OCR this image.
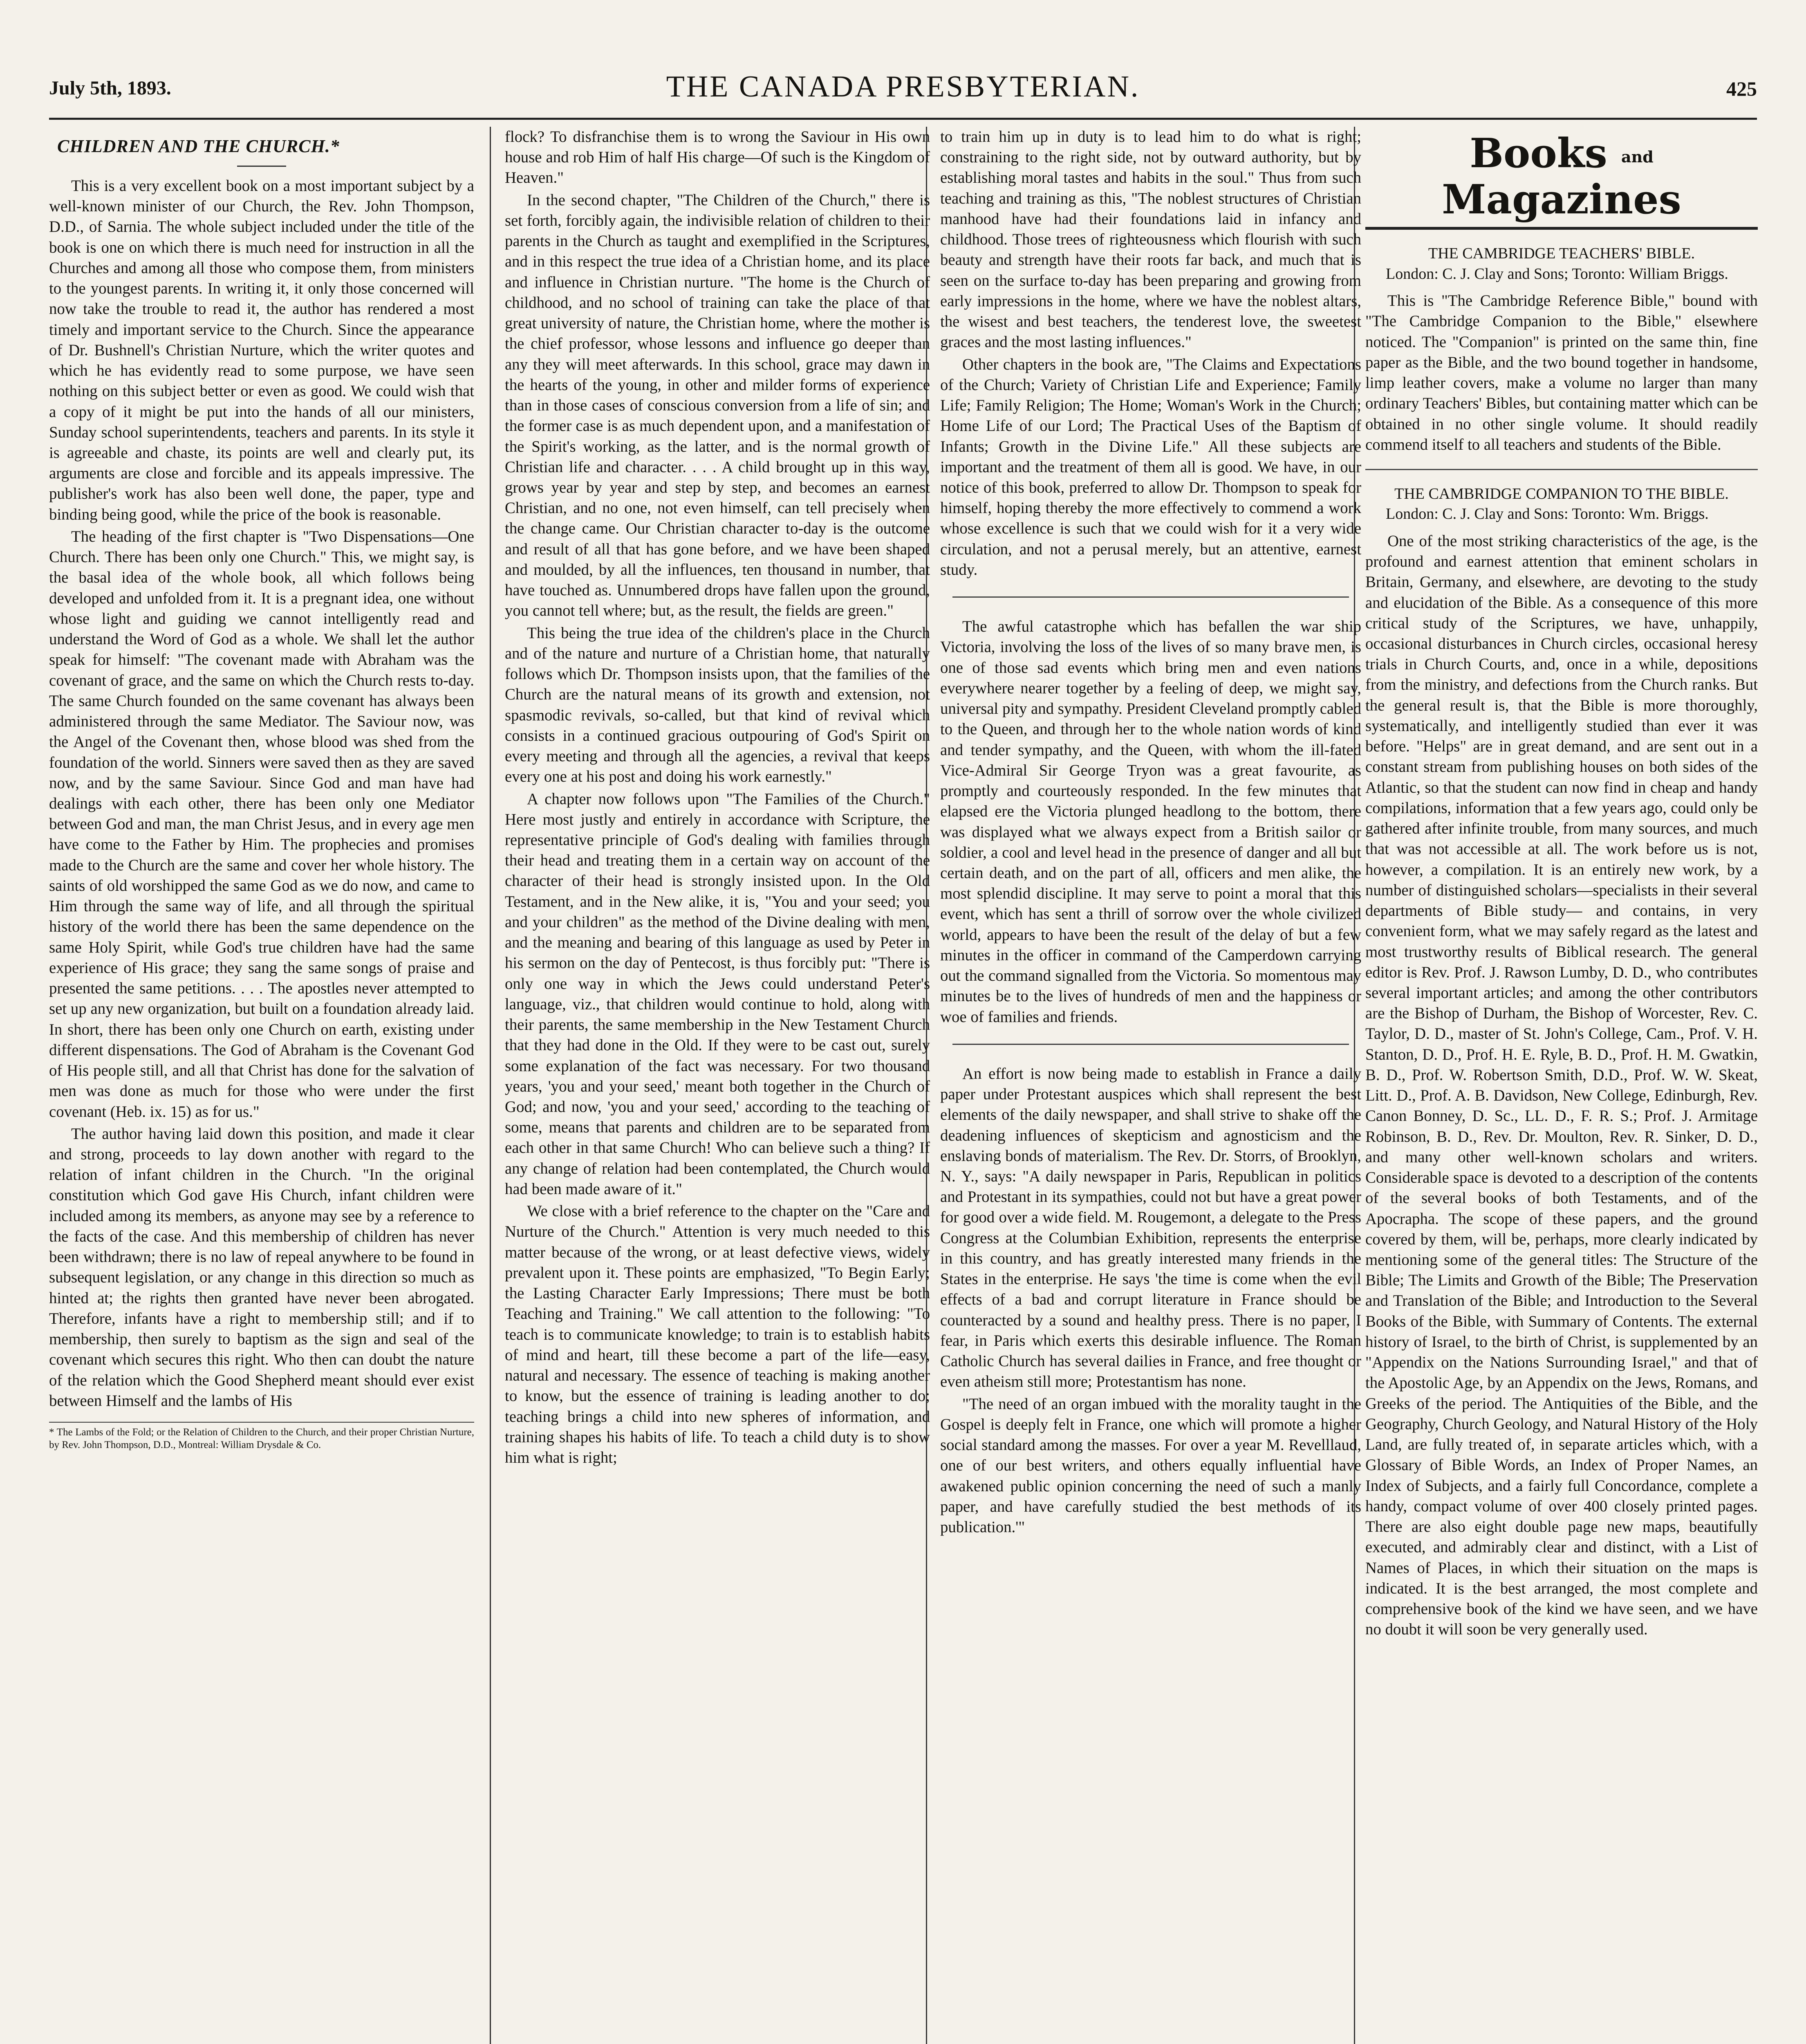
July 5th, 1893.	THE CANADA PRESBYTERIAN.	425
CHILDREN AND THE CHURCH.*

This is a very excellent book on a most important subject by a well-known minister of our Church, the Rev. John Thompson, D.D., of Sarnia. The whole subject included under the title of the book is one on which there is much need for instruction in all the Churches and among all those who compose them, from ministers to the youngest parents. In writing it, it only those concerned will now take the trouble to read it, the author has rendered a most timely and important service to the Church. Since the appearance of Dr. Bushnell's Christian Nurture, which the writer quotes and which he has evidently read to some purpose, we have seen nothing on this subject better or even as good. We could wish that a copy of it might be put into the hands of all our ministers, Sunday school superintendents, teachers and parents. In its style it is agreeable and chaste, its points are well and clearly put, its arguments are close and forcible and its appeals impressive. The publisher's work has also been well done, the paper, type and binding being good, while the price of the book is reasonable.

The heading of the first chapter is "Two Dispensations—One Church. There has been only one Church." This, we might say, is the basal idea of the whole book, all which follows being developed and unfolded from it. It is a pregnant idea, one without whose light and guiding we cannot intelligently read and understand the Word of God as a whole. We shall let the author speak for himself: "The covenant made with Abraham was the covenant of grace, and the same on which the Church rests to-day. The same Church founded on the same covenant has always been administered through the same Mediator. The Saviour now, was the Angel of the Covenant then, whose blood was shed from the foundation of the world. Sinners were saved then as they are saved now, and by the same Saviour. Since God and man have had dealings with each other, there has been only one Mediator between God and man, the man Christ Jesus, and in every age men have come to the Father by Him. The prophecies and promises made to the Church are the same and cover her whole history. The saints of old worshipped the same God as we do now, and came to Him through the same way of life, and all through the spiritual history of the world there has been the same dependence on the same Holy Spirit, while God's true children have had the same experience of His grace; they sang the same songs of praise and presented the same petitions. . . . The apostles never attempted to set up any new organization, but built on a foundation already laid. In short, there has been only one Church on earth, existing under different dispensations. The God of Abraham is the Covenant God of His people still, and all that Christ has done for the salvation of men was done as much for those who were under the first covenant (Heb. ix. 15) as for us."

The author having laid down this position, and made it clear and strong, proceeds to lay down another with regard to the relation of infant children in the Church. "In the original constitution which God gave His Church, infant children were included among its members, as anyone may see by a reference to the facts of the case. And this membership of children has never been withdrawn; there is no law of repeal anywhere to be found in subsequent legislation, or any change in this direction so much as hinted at; the rights then granted have never been abrogated. Therefore, infants have a right to membership still; and if to membership, then surely to baptism as the sign and seal of the covenant which secures this right. Who then can doubt the nature of the relation which the Good Shepherd meant should ever exist between Himself and the lambs of His

* The Lambs of the Fold; or the Relation of Children to the Church, and their proper Christian Nurture, by Rev. John Thompson, D.D., Montreal: William Drysdale & Co.

flock? To disfranchise them is to wrong the Saviour in His own house and rob Him of half His charge—Of such is the Kingdom of Heaven."

In the second chapter, "The Children of the Church," there is set forth, forcibly again, the indivisible relation of children to their parents in the Church as taught and exemplified in the Scriptures, and in this respect the true idea of a Christian home, and its place and influence in Christian nurture. "The home is the Church of childhood, and no school of training can take the place of that great university of nature, the Christian home, where the mother is the chief professor, whose lessons and influence go deeper than any they will meet afterwards. In this school, grace may dawn in the hearts of the young, in other and milder forms of experience than in those cases of conscious conversion from a life of sin; and the former case is as much dependent upon, and a manifestation of the Spirit's working, as the latter, and is the normal growth of Christian life and character. . . . A child brought up in this way, grows year by year and step by step, and becomes an earnest Christian, and no one, not even himself, can tell precisely when the change came. Our Christian character to-day is the outcome and result of all that has gone before, and we have been shaped and moulded, by all the influences, ten thousand in number, that have touched as. Unnumbered drops have fallen upon the ground, you cannot tell where; but, as the result, the fields are green."

This being the true idea of the children's place in the Church and of the nature and nurture of a Christian home, that naturally follows which Dr. Thompson insists upon, that the families of the Church are the natural means of its growth and extension, not spasmodic revivals, so-called, but that kind of revival which consists in a continued gracious outpouring of God's Spirit on every meeting and through all the agencies, a revival that keeps every one at his post and doing his work earnestly."

A chapter now follows upon "The Families of the Church." Here most justly and entirely in accordance with Scripture, the representative principle of God's dealing with families through their head and treating them in a certain way on account of the character of their head is strongly insisted upon. In the Old Testament, and in the New alike, it is, "You and your seed; you and your children" as the method of the Divine dealing with men, and the meaning and bearing of this language as used by Peter in his sermon on the day of Pentecost, is thus forcibly put: "There is only one way in which the Jews could understand Peter's language, viz., that children would continue to hold, along with their parents, the same membership in the New Testament Church that they had done in the Old. If they were to be cast out, surely some explanation of the fact was necessary. For two thousand years, 'you and your seed,' meant both together in the Church of God; and now, 'you and your seed,' according to the teaching of some, means that parents and children are to be separated from each other in that same Church! Who can believe such a thing? If any change of relation had been contemplated, the Church would had been made aware of it."

We close with a brief reference to the chapter on the "Care and Nurture of the Church." Attention is very much needed to this matter because of the wrong, or at least defective views, widely prevalent upon it. These points are emphasized, "To Begin Early; the Lasting Character Early Impressions; There must be both Teaching and Training." We call attention to the following: "To teach is to communicate knowledge; to train is to establish habits of mind and heart, till these become a part of the life—easy, natural and necessary. The essence of teaching is making another to know, but the essence of training is leading another to do; teaching brings a child into new spheres of information, and training shapes his habits of life. To teach a child duty is to show him what is right;

to train him up in duty is to lead him to do what is right; constraining to the right side, not by outward authority, but by establishing moral tastes and habits in the soul." Thus from such teaching and training as this, "The noblest structures of Christian manhood have had their foundations laid in infancy and childhood. Those trees of righteousness which flourish with such beauty and strength have their roots far back, and much that is seen on the surface to-day has been preparing and growing from early impressions in the home, where we have the noblest altars, the wisest and best teachers, the tenderest love, the sweetest graces and the most lasting influences."

Other chapters in the book are, "The Claims and Expectations of the Church; Variety of Christian Life and Experience; Family Life; Family Religion; The Home; Woman's Work in the Church; Home Life of our Lord; The Practical Uses of the Baptism of Infants; Growth in the Divine Life." All these subjects are important and the treatment of them all is good. We have, in our notice of this book, preferred to allow Dr. Thompson to speak for himself, hoping thereby the more effectively to commend a work whose excellence is such that we could wish for it a very wide circulation, and not a perusal merely, but an attentive, earnest study.

The awful catastrophe which has befallen the war ship Victoria, involving the loss of the lives of so many brave men, is one of those sad events which bring men and even nations everywhere nearer together by a feeling of deep, we might say, universal pity and sympathy. President Cleveland promptly cabled to the Queen, and through her to the whole nation words of kind and tender sympathy, and the Queen, with whom the ill-fated Vice-Admiral Sir George Tryon was a great favourite, as promptly and courteously responded. In the few minutes that elapsed ere the Victoria plunged headlong to the bottom, there was displayed what we always expect from a British sailor or soldier, a cool and level head in the presence of danger and all but certain death, and on the part of all, officers and men alike, the most splendid discipline. It may serve to point a moral that this event, which has sent a thrill of sorrow over the whole civilized world, appears to have been the result of the delay of but a few minutes in the officer in command of the Camperdown carrying out the command signalled from the Victoria. So momentous may minutes be to the lives of hundreds of men and the happiness or woe of families and friends.

An effort is now being made to establish in France a daily paper under Protestant auspices which shall represent the best elements of the daily newspaper, and shall strive to shake off the deadening influences of skepticism and agnosticism and the enslaving bonds of materialism. The Rev. Dr. Storrs, of Brooklyn, N. Y., says: "A daily newspaper in Paris, Republican in politics and Protestant in its sympathies, could not but have a great power for good over a wide field. M. Rougemont, a delegate to the Press Congress at the Columbian Exhibition, represents the enterprise in this country, and has greatly interested many friends in the States in the enterprise. He says 'the time is come when the evil effects of a bad and corrupt literature in France should be counteracted by a sound and healthy press. There is no paper, I fear, in Paris which exerts this desirable influence. The Roman Catholic Church has several dailies in France, and free thought or even atheism still more; Protestantism has none.

"The need of an organ imbued with the morality taught in the Gospel is deeply felt in France, one which will promote a higher social standard among the masses. For over a year M. Revelllaud, one of our best writers, and others equally influential have awakened public opinion concerning the need of such a manly paper, and have carefully studied the best methods of its publication.'"

Books and Magazines
THE CAMBRIDGE TEACHERS' BIBLE.
London: C. J. Clay and Sons; Toronto: William Briggs.

This is "The Cambridge Reference Bible," bound with "The Cambridge Companion to the Bible," elsewhere noticed. The "Companion" is printed on the same thin, fine paper as the Bible, and the two bound together in handsome, limp leather covers, make a volume no larger than many ordinary Teachers' Bibles, but containing matter which can be obtained in no other single volume. It should readily commend itself to all teachers and students of the Bible.

THE CAMBRIDGE COMPANION TO THE BIBLE.
London: C. J. Clay and Sons: Toronto: Wm. Briggs.

One of the most striking characteristics of the age, is the profound and earnest attention that eminent scholars in Britain, Germany, and elsewhere, are devoting to the study and elucidation of the Bible. As a consequence of this more critical study of the Scriptures, we have, unhappily, occasional disturbances in Church circles, occasional heresy trials in Church Courts, and, once in a while, depositions from the ministry, and defections from the Church ranks. But the general result is, that the Bible is more thoroughly, systematically, and intelligently studied than ever it was before. "Helps" are in great demand, and are sent out in a constant stream from publishing houses on both sides of the Atlantic, so that the student can now find in cheap and handy compilations, information that a few years ago, could only be gathered after infinite trouble, from many sources, and much that was not accessible at all. The work before us is not, however, a compilation. It is an entirely new work, by a number of distinguished scholars—specialists in their several departments of Bible study— and contains, in very convenient form, what we may safely regard as the latest and most trustworthy results of Biblical research. The general editor is Rev. Prof. J. Rawson Lumby, D. D., who contributes several important articles; and among the other contributors are the Bishop of Durham, the Bishop of Worcester, Rev. C. Taylor, D. D., master of St. John's College, Cam., Prof. V. H. Stanton, D. D., Prof. H. E. Ryle, B. D., Prof. H. M. Gwatkin, B. D., Prof. W. Robertson Smith, D.D., Prof. W. W. Skeat, Litt. D., Prof. A. B. Davidson, New College, Edinburgh, Rev. Canon Bonney, D. Sc., LL. D., F. R. S.; Prof. J. Armitage Robinson, B. D., Rev. Dr. Moulton, Rev. R. Sinker, D. D., and many other well-known scholars and writers. Considerable space is devoted to a description of the contents of the several books of both Testaments, and of the Apocrapha. The scope of these papers, and the ground covered by them, will be, perhaps, more clearly indicated by mentioning some of the general titles: The Structure of the Bible; The Limits and Growth of the Bible; The Preservation and Translation of the Bible; and Introduction to the Several Books of the Bible, with Summary of Contents. The external history of Israel, to the birth of Christ, is supplemented by an "Appendix on the Nations Surrounding Israel," and that of the Apostolic Age, by an Appendix on the Jews, Romans, and Greeks of the period. The Antiquities of the Bible, and the Geography, Church Geology, and Natural History of the Holy Land, are fully treated of, in separate articles which, with a Glossary of Bible Words, an Index of Proper Names, an Index of Subjects, and a fairly full Concordance, complete a handy, compact volume of over 400 closely printed pages. There are also eight double page new maps, beautifully executed, and admirably clear and distinct, with a List of Names of Places, in which their situation on the maps is indicated. It is the best arranged, the most complete and comprehensive book of the kind we have seen, and we have no doubt it will soon be very generally used.
